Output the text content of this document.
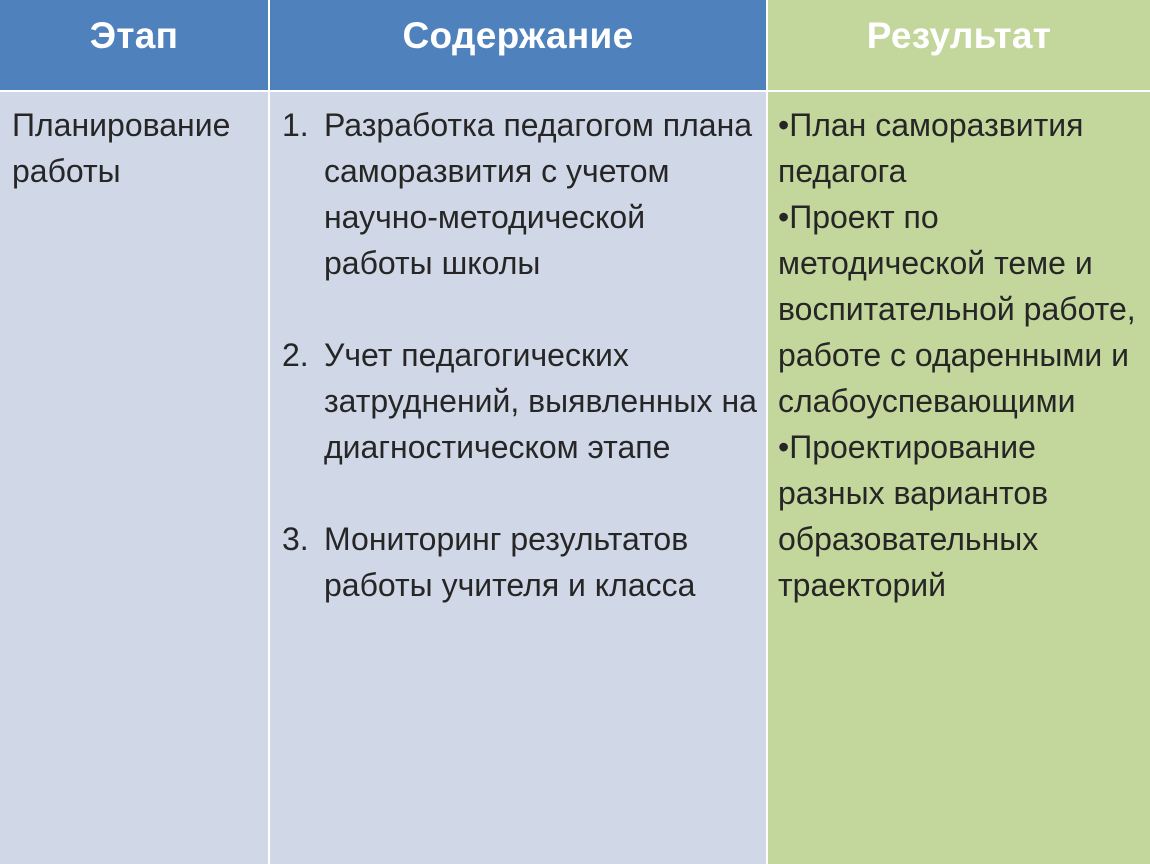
Этап	Содержание	Результат
Планирование работы
1. Разработка педагогом плана саморазвития с учетом научно-методической работы школы
2. Учет педагогических затруднений, выявленных на диагностическом этапе
3. Мониторинг результатов работы учителя и класса
•План саморазвития педагога
•Проект по методической теме и воспитательной работе, работе с одаренными и слабоуспевающими
•Проектирование разных вариантов образовательных траекторий
